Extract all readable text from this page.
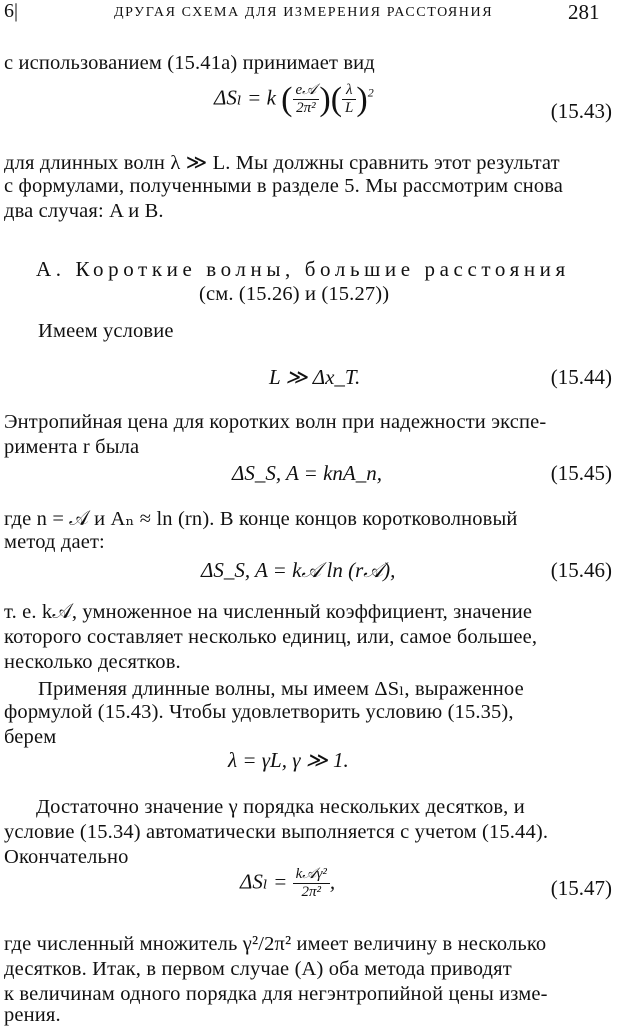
6|	ДРУГАЯ СХЕМА ДЛЯ ИЗМЕРЕНИЯ РАССТОЯНИЯ	281
с использованием (15.41а) принимает вид
ΔSₗ = k ( $\frac{\text{e𝒜}}{\text{2π²}}$ )( $\frac{\lambda}{L} )^2$
(15.43)
для длинных волн λ ≫ L. Мы должны сравнить этот результат
с формулами, полученными в разделе 5. Мы рассмотрим снова
два случая: A и B.
А. Короткие волны, большие расстояния
(см. (15.26) и (15.27))
Имеем условие
L ≫ Δx_T.	(15.44)
Энтропийная цена для коротких волн при надежности экспе-
римента r была
ΔS_S, A = knA_n,	(15.45)
где n = 𝒜 и Aₙ ≈ ln (rn). В конце концов коротковолновый
метод дает:
ΔS_S, A = k𝒜 ln (r𝒜),	(15.46)
т. е. k𝒜, умноженное на численный коэффициент, значение
которого составляет несколько единиц, или, самое большее,
несколько десятков.
Применяя длинные волны, мы имеем ΔSₗ, выраженное
формулой (15.43). Чтобы удовлетворить условию (15.35),
берем
λ = γL, γ ≫ 1.
Достаточно значение γ порядка нескольких десятков, и
условие (15.34) автоматически выполняется с учетом (15.44).
Окончательно
$\Delta S_l = \frac{\text{k𝒜γ²}}{\text{2π²}}$ ,	(15.47)
где численный множитель γ²/2π² имеет величину в несколько
десятков. Итак, в первом случае (A) оба метода приводят
к величинам одного порядка для негэнтропийной цены изме-
рения.
